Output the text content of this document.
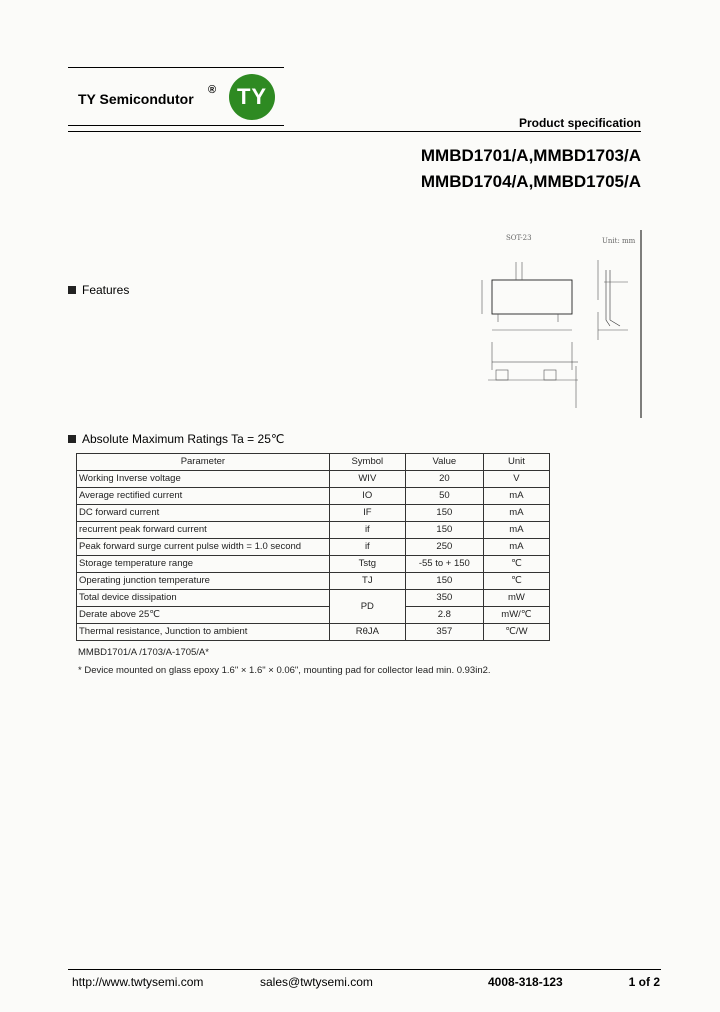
TY Semicondutor
® TY
Product specification
MMBD1701/A,MMBD1703/A
MMBD1704/A,MMBD1705/A
Features
SOT-23	Unit: mm
Absolute Maximum Ratings Ta = 25℃
Parameter	Symbol	Value	Unit
Working Inverse voltage	WIV	20	V
Average rectified current	IO	50	mA
DC forward current	IF	150	mA
recurrent peak forward current	if	150	mA
Peak forward surge current pulse width = 1.0 second	if	250	mA
Storage temperature range	Tstg	-55 to + 150	℃
Operating junction temperature	TJ	150	℃
Total device dissipation	PD	350	mW
Derate above 25℃		2.8	mW/℃
Thermal resistance, Junction to ambient	RθJA	357	℃/W
MMBD1701/A /1703/A-1705/A*
* Device mounted on glass epoxy 1.6" × 1.6" × 0.06", mounting pad for collector lead min. 0.93in2.
http://www.twtysemi.com	sales@twtysemi.com	4008-318-123	1 of 2
